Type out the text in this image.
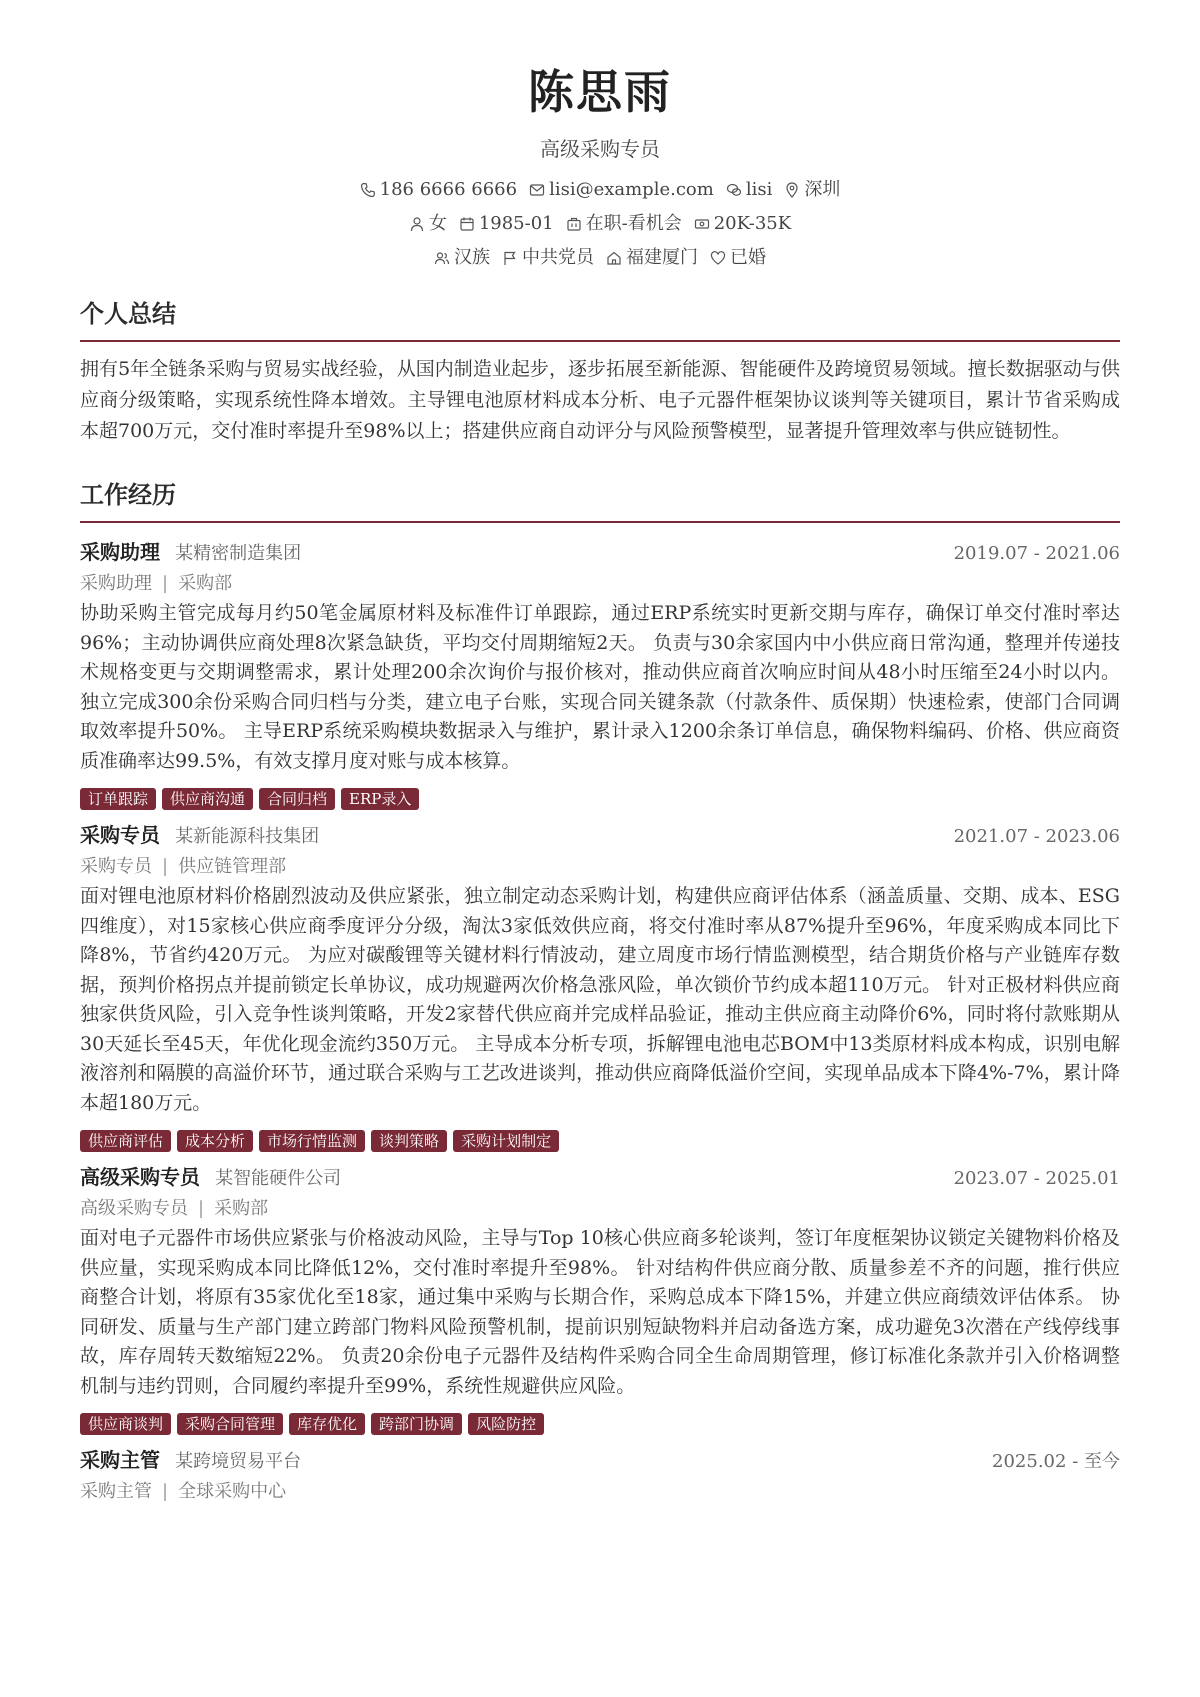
陈思雨
高级采购专员
186 6666 6666 lisi@example.com lisi 深圳
女 1985-01 在职-看机会 20K-35K
汉族 中共党员 福建厦门 已婚
个人总结
拥有5年全链条采购与贸易实战经验，从国内制造业起步，逐步拓展至新能源、智能硬件及跨境贸易领域。擅长数据驱动与供应商分级策略，实现系统性降本增效。主导锂电池原材料成本分析、电子元器件框架协议谈判等关键项目，累计节省采购成本超700万元，交付准时率提升至98%以上；搭建供应商自动评分与风险预警模型，显著提升管理效率与供应链韧性。
工作经历
采购助理 某精密制造集团	2019.07 - 2021.06
采购助理 | 采购部
协助采购主管完成每月约50笔金属原材料及标准件订单跟踪，通过ERP系统实时更新交期与库存，确保订单交付准时率达96%；主动协调供应商处理8次紧急缺货，平均交付周期缩短2天。 负责与30余家国内中小供应商日常沟通，整理并传递技术规格变更与交期调整需求，累计处理200余次询价与报价核对，推动供应商首次响应时间从48小时压缩至24小时以内。 独立完成300余份采购合同归档与分类，建立电子台账，实现合同关键条款（付款条件、质保期）快速检索，使部门合同调取效率提升50%。 主导ERP系统采购模块数据录入与维护，累计录入1200余条订单信息，确保物料编码、价格、供应商资质准确率达99.5%，有效支撑月度对账与成本核算。
订单跟踪	供应商沟通	合同归档	ERP录入
采购专员 某新能源科技集团	2021.07 - 2023.06
采购专员 | 供应链管理部
面对锂电池原材料价格剧烈波动及供应紧张，独立制定动态采购计划，构建供应商评估体系（涵盖质量、交期、成本、ESG四维度），对15家核心供应商季度评分分级，淘汰3家低效供应商，将交付准时率从87%提升至96%，年度采购成本同比下降8%，节省约420万元。 为应对碳酸锂等关键材料行情波动，建立周度市场行情监测模型，结合期货价格与产业链库存数据，预判价格拐点并提前锁定长单协议，成功规避两次价格急涨风险，单次锁价节约成本超110万元。 针对正极材料供应商独家供货风险，引入竞争性谈判策略，开发2家替代供应商并完成样品验证，推动主供应商主动降价6%，同时将付款账期从30天延长至45天，年优化现金流约350万元。 主导成本分析专项，拆解锂电池电芯BOM中13类原材料成本构成，识别电解液溶剂和隔膜的高溢价环节，通过联合采购与工艺改进谈判，推动供应商降低溢价空间，实现单品成本下降4%-7%，累计降本超180万元。
供应商评估	成本分析	市场行情监测	谈判策略	采购计划制定
高级采购专员 某智能硬件公司	2023.07 - 2025.01
高级采购专员 | 采购部
面对电子元器件市场供应紧张与价格波动风险，主导与Top 10核心供应商多轮谈判，签订年度框架协议锁定关键物料价格及供应量，实现采购成本同比降低12%，交付准时率提升至98%。 针对结构件供应商分散、质量参差不齐的问题，推行供应商整合计划，将原有35家优化至18家，通过集中采购与长期合作，采购总成本下降15%，并建立供应商绩效评估体系。 协同研发、质量与生产部门建立跨部门物料风险预警机制，提前识别短缺物料并启动备选方案，成功避免3次潜在产线停线事故，库存周转天数缩短22%。 负责20余份电子元器件及结构件采购合同全生命周期管理，修订标准化条款并引入价格调整机制与违约罚则，合同履约率提升至99%，系统性规避供应风险。
供应商谈判	采购合同管理	库存优化	跨部门协调	风险防控
采购主管 某跨境贸易平台	2025.02 - 至今
采购主管 | 全球采购中心
